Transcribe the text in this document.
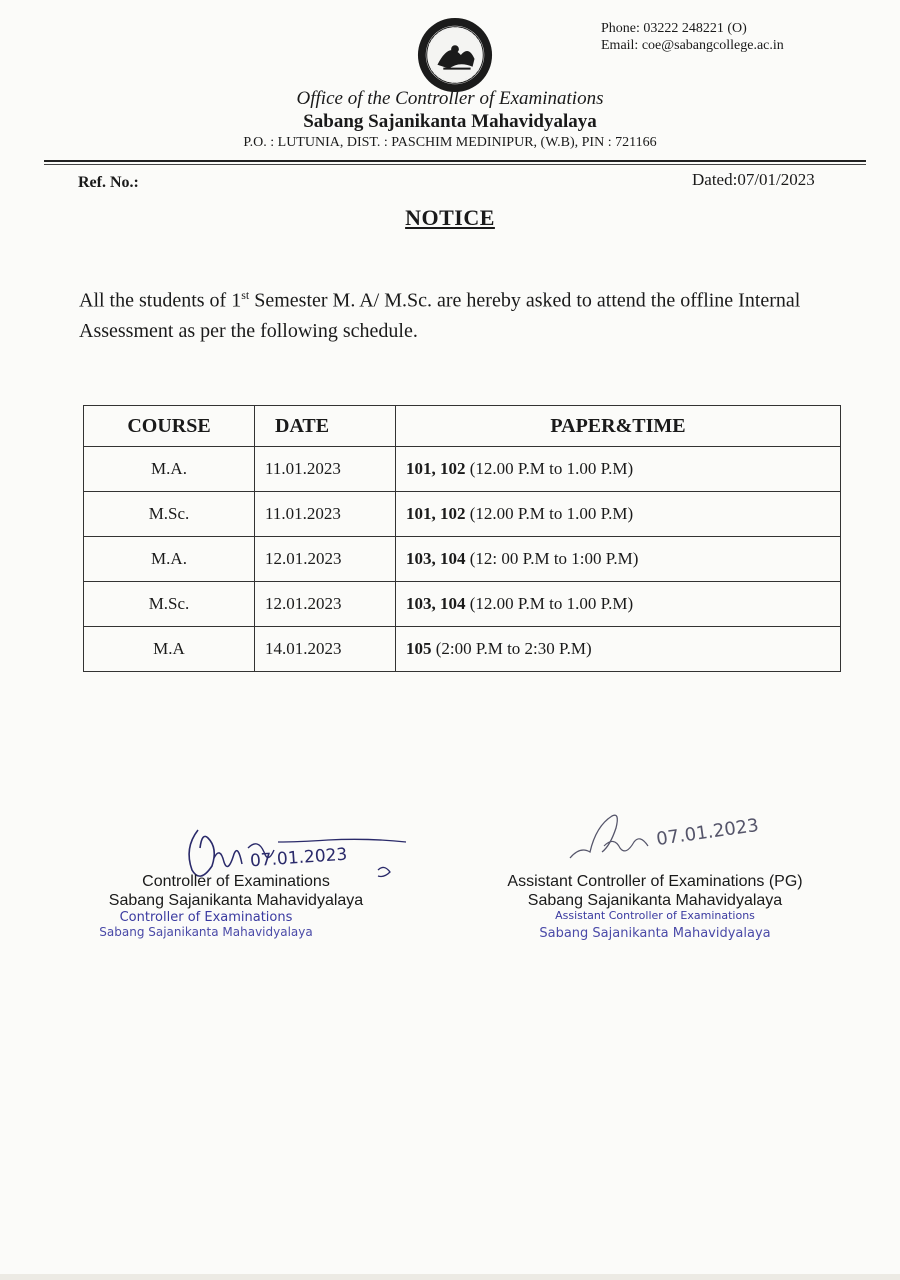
Phone: 03222 248221 (O)
Email: coe@sabangcollege.ac.in
Office of the Controller of Examinations
Sabang Sajanikanta Mahavidyalaya
P.O. : LUTUNIA, DIST. : PASCHIM MEDINIPUR, (W.B), PIN : 721166
Ref. No.:	Dated:07/01/2023
NOTICE
All the students of 1st Semester M. A/ M.Sc. are hereby asked to attend the offline Internal Assessment as per the following schedule.
COURSE	DATE	PAPER&TIME
M.A.	11.01.2023	101, 102 (12.00 P.M to 1.00 P.M)
M.Sc.	11.01.2023	101, 102 (12.00 P.M to 1.00 P.M)
M.A.	12.01.2023	103, 104 (12: 00 P.M to 1:00 P.M)
M.Sc.	12.01.2023	103, 104 (12.00 P.M to 1.00 P.M)
M.A	14.01.2023	105 (2:00 P.M to 2:30 P.M)
07.01.2023
07.01.2023
Controller of Examinations
Sabang Sajanikanta Mahavidyalaya
Controller of Examinations
Sabang Sajanikanta Mahavidyalaya
Assistant Controller of Examinations (PG)
Sabang Sajanikanta Mahavidyalaya
Assistant Controller of Examinations
Sabang Sajanikanta Mahavidyalaya
